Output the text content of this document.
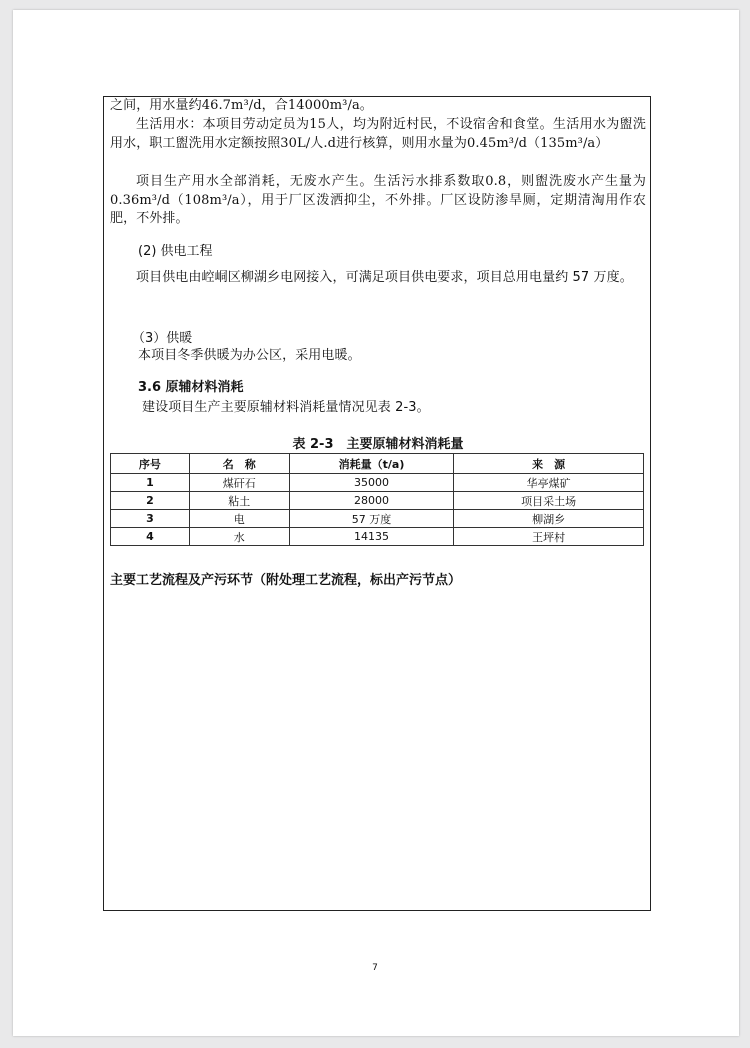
之间，用水量约46.7m³/d，合14000m³/a。
生活用水：本项目劳动定员为15人，均为附近村民，不设宿舍和食堂。生活用水为盥洗用水，职工盥洗用水定额按照30L/人.d进行核算，则用水量为0.45m³/d（135m³/a）
项目生产用水全部消耗，无废水产生。生活污水排系数取0.8，则盥洗废水产生量为0.36m³/d（108m³/a），用于厂区泼洒抑尘，不外排。厂区设防渗旱厕，定期清淘用作农肥，不外排。
(2) 供电工程
项目供电由崆峒区柳湖乡电网接入，可满足项目供电要求，项目总用电量约 57 万度。
（3）供暖
本项目冬季供暖为办公区，采用电暖。
3.6 原辅材料消耗
建设项目生产主要原辅材料消耗量情况见表 2-3。
表 2-3　主要原辅材料消耗量
序号	名　称	消耗量（t/a)	来　源
1	煤矸石	35000	华亭煤矿
2	粘土	28000	项目采土场
3	电	57 万度	柳湖乡
4	水	14135	王坪村
主要工艺流程及产污环节（附处理工艺流程，标出产污节点）
7
